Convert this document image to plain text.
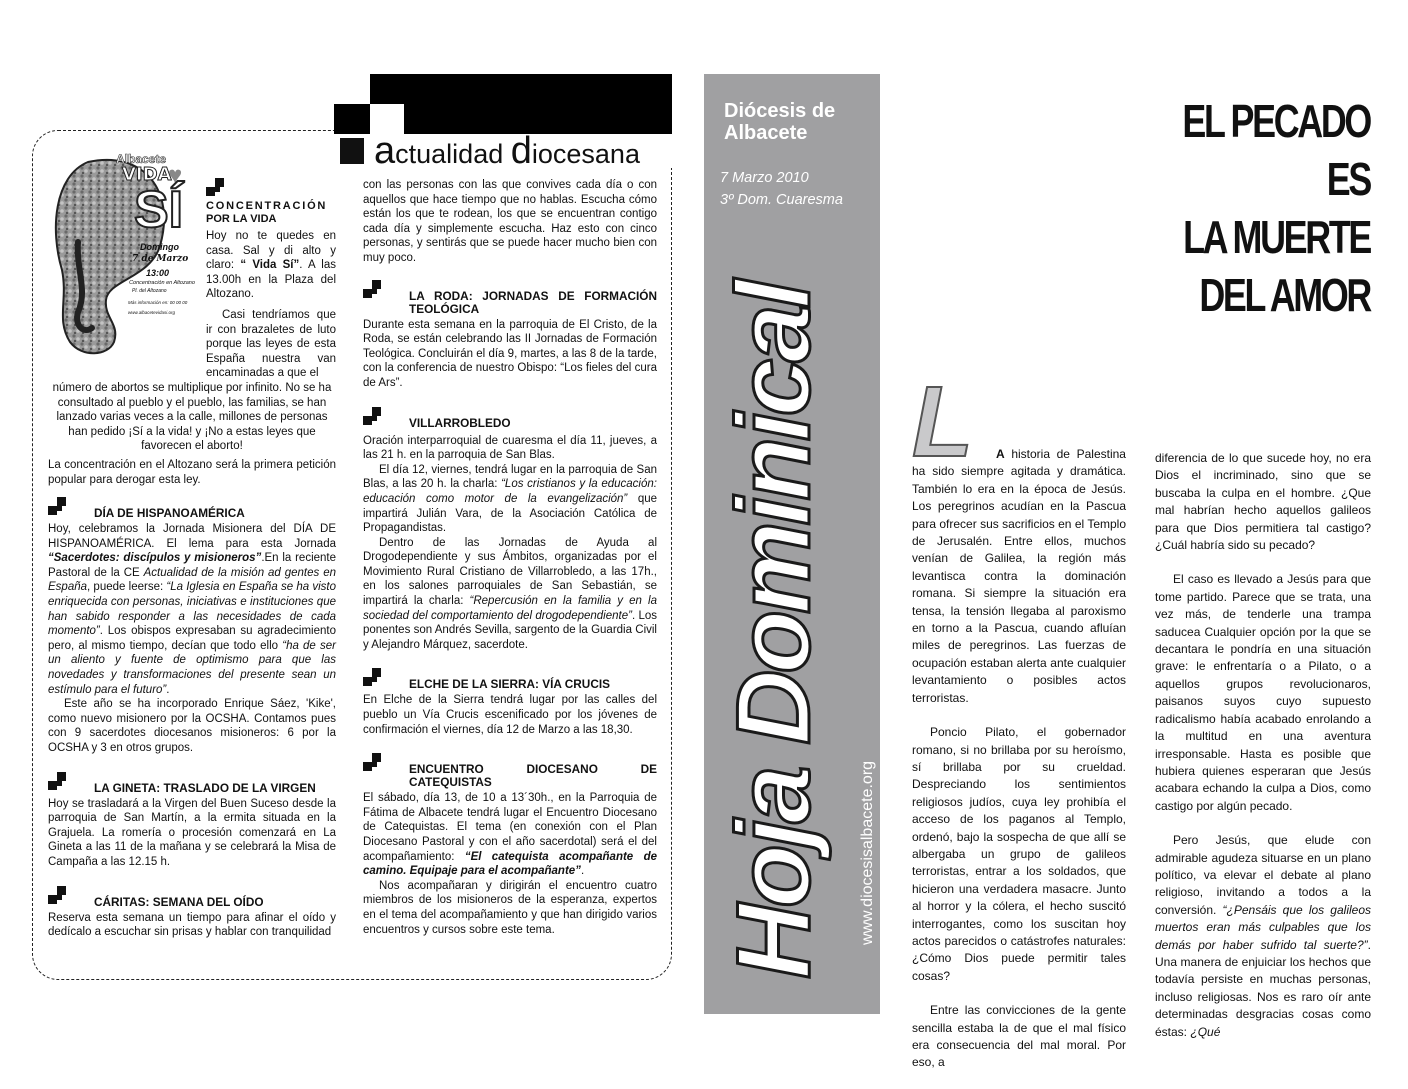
actualidad diocesana
Albacete
VIDA
♥
SÍ
Domingo
7 de Marzo
13:00
Concentración en Altozano
Pl. del Altozano
Más información en: 00 00 00
www.albacetevidasi.org
CONCENTRACIÓN
POR LA VIDA

Hoy no te quedes en casa. Sal y di alto y claro: “ Vida Sí”. A las 13.00h en la Plaza del Altozano.

Casi tendríamos que ir con brazaletes de luto porque las leyes de esta España nuestra van encaminadas a que el

número de abortos se multiplique por infinito. No se ha consultado al pueblo y el pueblo, las familias, se han lanzado varias veces a la calle, millones de personas han pedido ¡Sí a la vida! y ¡No a estas leyes que favorecen el aborto!

La concentración en el Altozano será la primera petición popular para derogar esta ley.

DÍA DE HISPANOAMÉRICA

Hoy, celebramos la Jornada Misionera del DÍA DE HISPANOAMÉRICA. El lema para esta Jornada “Sacerdotes: discípulos y misioneros”.En la reciente Pastoral de la CE Actualidad de la misión ad gentes en España, puede leerse: “La Iglesia en España se ha visto enriquecida con personas, iniciativas e instituciones que han sabido responder a las necesidades de cada momento”. Los obispos expresaban su agradecimiento pero, al mismo tiempo, decían que todo ello “ha de ser un aliento y fuente de optimismo para que las novedades y transformaciones del presente sean un estímulo para el futuro”.

Este año se ha incorporado Enrique Sáez, 'Kike', como nuevo misionero por la OCSHA. Contamos pues con 9 sacerdotes diocesanos misioneros: 6 por la OCSHA y 3 en otros grupos.

LA GINETA: TRASLADO DE LA VIRGEN

Hoy se trasladará a la Virgen del Buen Suceso desde la parroquia de San Martín, a la ermita situada en la Grajuela. La romería o procesión comenzará en La Gineta a las 11 de la mañana y se celebrará la Misa de Campaña a las 12.15 h.

CÁRITAS: SEMANA DEL OÍDO

Reserva esta semana un tiempo para afinar el oído y dedícalo a escuchar sin prisas y hablar con tranquilidad

con las personas con las que convives cada día o con aquellos que hace tiempo que no hablas. Escucha cómo están los que te rodean, los que se encuentran contigo cada día y simplemente escucha. Haz esto con cinco personas, y sentirás que se puede hacer mucho bien con muy poco.

LA RODA: JORNADAS DE FORMACIÓN TEOLÓGICA

Durante esta semana en la parroquia de El Cristo, de la Roda, se están celebrando las II Jornadas de Formación Teológica. Concluirán el día 9, martes, a las 8 de la tarde, con la conferencia de nuestro Obispo: “Los fieles del cura de Ars”.

VILLARROBLEDO

Oración interparroquial de cuaresma el día 11, jueves, a las 21 h. en la parroquia de San Blas.

El día 12, viernes, tendrá lugar en la parroquia de San Blas, a las 20 h. la charla: “Los cristianos y la educación: educación como motor de la evangelización” que impartirá Julián Vara, de la Asociación Católica de Propagandistas.

Dentro de las Jornadas de Ayuda al Drogodependiente y sus Ámbitos, organizadas por el Movimiento Rural Cristiano de Villarrobledo, a las 17h., en los salones parroquiales de San Sebastián, se impartirá la charla: “Repercusión en la familia y en la sociedad del comportamiento del drogodependiente”. Los ponentes son Andrés Sevilla, sargento de la Guardia Civil y Alejandro Márquez, sacerdote.

ELCHE DE LA SIERRA: VÍA CRUCIS

En Elche de la Sierra tendrá lugar por las calles del pueblo un Vía Crucis escenificado por los jóvenes de confirmación el viernes, día 12 de Marzo a las 18,30.

ENCUENTRO DIOCESANO DE CATEQUISTAS

El sábado, día 13, de 10 a 13´30h., en la Parroquia de Fátima de Albacete tendrá lugar el Encuentro Diocesano de Catequistas. El tema (en conexión con el Plan Diocesano Pastoral y con el año sacerdotal) será el del acompañamiento: “El catequista acompañante de camino. Equipaje para el acompañante”.

Nos acompañaran y dirigirán el encuentro cuatro miembros de los misioneros de la esperanza, expertos en el tema del acompañamiento y que han dirigido varios encuentros y cursos sobre este tema.

Diócesis de
Albacete
7 Marzo 2010
3º Dom. Cuaresma
Hoja Dominical www.diocesisalbacete.org
EL PECADO
ES
LA MUERTE
DEL AMOR
L	A historia de Palestina ha sido siempre agitada y dramática. También lo era en la época de Jesús. Los peregrinos acudían en la Pascua para ofrecer sus sacrificios en el Templo de Jerusalén. Entre ellos, muchos venían de Galilea, la región más levantisca contra la dominación romana. Si siempre la situación era tensa, la tensión llegaba al paroxismo en torno a la Pascua, cuando afluían miles de peregrinos. Las fuerzas de ocupación estaban alerta ante cualquier levantamiento o posibles actos terroristas.

Poncio Pilato, el gobernador romano, si no brillaba por su heroísmo, sí brillaba por su crueldad. Despreciando los sentimientos religiosos judíos, cuya ley prohibía el acceso de los paganos al Templo, ordenó, bajo la sospecha de que allí se albergaba un grupo de galileos terroristas, entrar a los soldados, que hicieron una verdadera masacre. Junto al horror y la cólera, el hecho suscitó interrogantes, como los suscitan hoy actos parecidos o catástrofes naturales: ¿Cómo Dios puede permitir tales cosas?

Entre las convicciones de la gente sencilla estaba la de que el mal físico era consecuencia del mal moral. Por eso, a

diferencia de lo que sucede hoy, no era Dios el incriminado, sino que se buscaba la culpa en el hombre. ¿Que mal habrían hecho aquellos galileos para que Dios permitiera tal castigo? ¿Cuál habría sido su pecado?

El caso es llevado a Jesús para que tome partido. Parece que se trata, una vez más, de tenderle una trampa saducea Cualquier opción por la que se decantara le pondría en una situación grave: le enfrentaría o a Pilato, o a aquellos grupos revolucionaros, paisanos suyos cuyo supuesto radicalismo había acabado enrolando a la multitud en una aventura irresponsable. Hasta es posible que hubiera quienes esperaran que Jesús acabara echando la culpa a Dios, como castigo por algún pecado.

Pero Jesús, que elude con admirable agudeza situarse en un plano político, va elevar el debate al plano religioso, invitando a todos a la conversión. “¿Pensáis que los galileos muertos eran más culpables que los demás por haber sufrido tal suerte?”. Una manera de enjuiciar los hechos que todavía persiste en muchas personas, incluso religiosas. Nos es raro oír ante determinadas desgracias cosas como éstas: ¿Qué
